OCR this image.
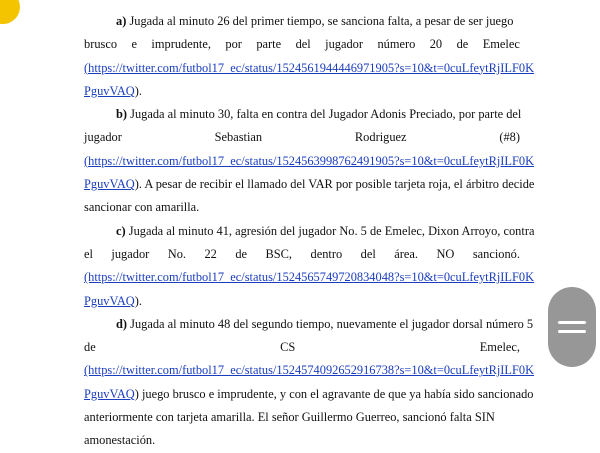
a) Jugada al minuto 26 del primer tiempo, se sanciona falta, a pesar de ser juego
brusco e imprudente, por parte del jugador número 20 de Emelec
(https://twitter.com/futbol17_ec/status/1524561944446971905?s=10&t=0cuLfeytRjILF0K
PguvVAQ).
b) Jugada al minuto 30, falta en contra del Jugador Adonis Preciado, por parte del
jugador	Sebastian	Rodriguez	(#8)
(https://twitter.com/futbol17_ec/status/1524563998762491905?s=10&t=0cuLfeytRjILF0K
PguvVAQ). A pesar de recibir el llamado del VAR por posible tarjeta roja, el árbitro decide
sancionar con amarilla.
c) Jugada al minuto 41, agresión del jugador No. 5 de Emelec, Dixon Arroyo, contra
el jugador No. 22 de BSC, dentro del área. NO sancionó.
(https://twitter.com/futbol17_ec/status/1524565749720834048?s=10&t=0cuLfeytRjILF0K
PguvVAQ).
d) Jugada al minuto 48 del segundo tiempo, nuevamente el jugador dorsal número 5
de	CS	Emelec,
(https://twitter.com/futbol17_ec/status/1524574092652916738?s=10&t=0cuLfeytRjILF0K
PguvVAQ) juego brusco e imprudente, y con el agravante de que ya había sido sancionado
anteriormente con tarjeta amarilla. El señor Guillermo Guerreo, sancionó falta SIN
amonestación.
